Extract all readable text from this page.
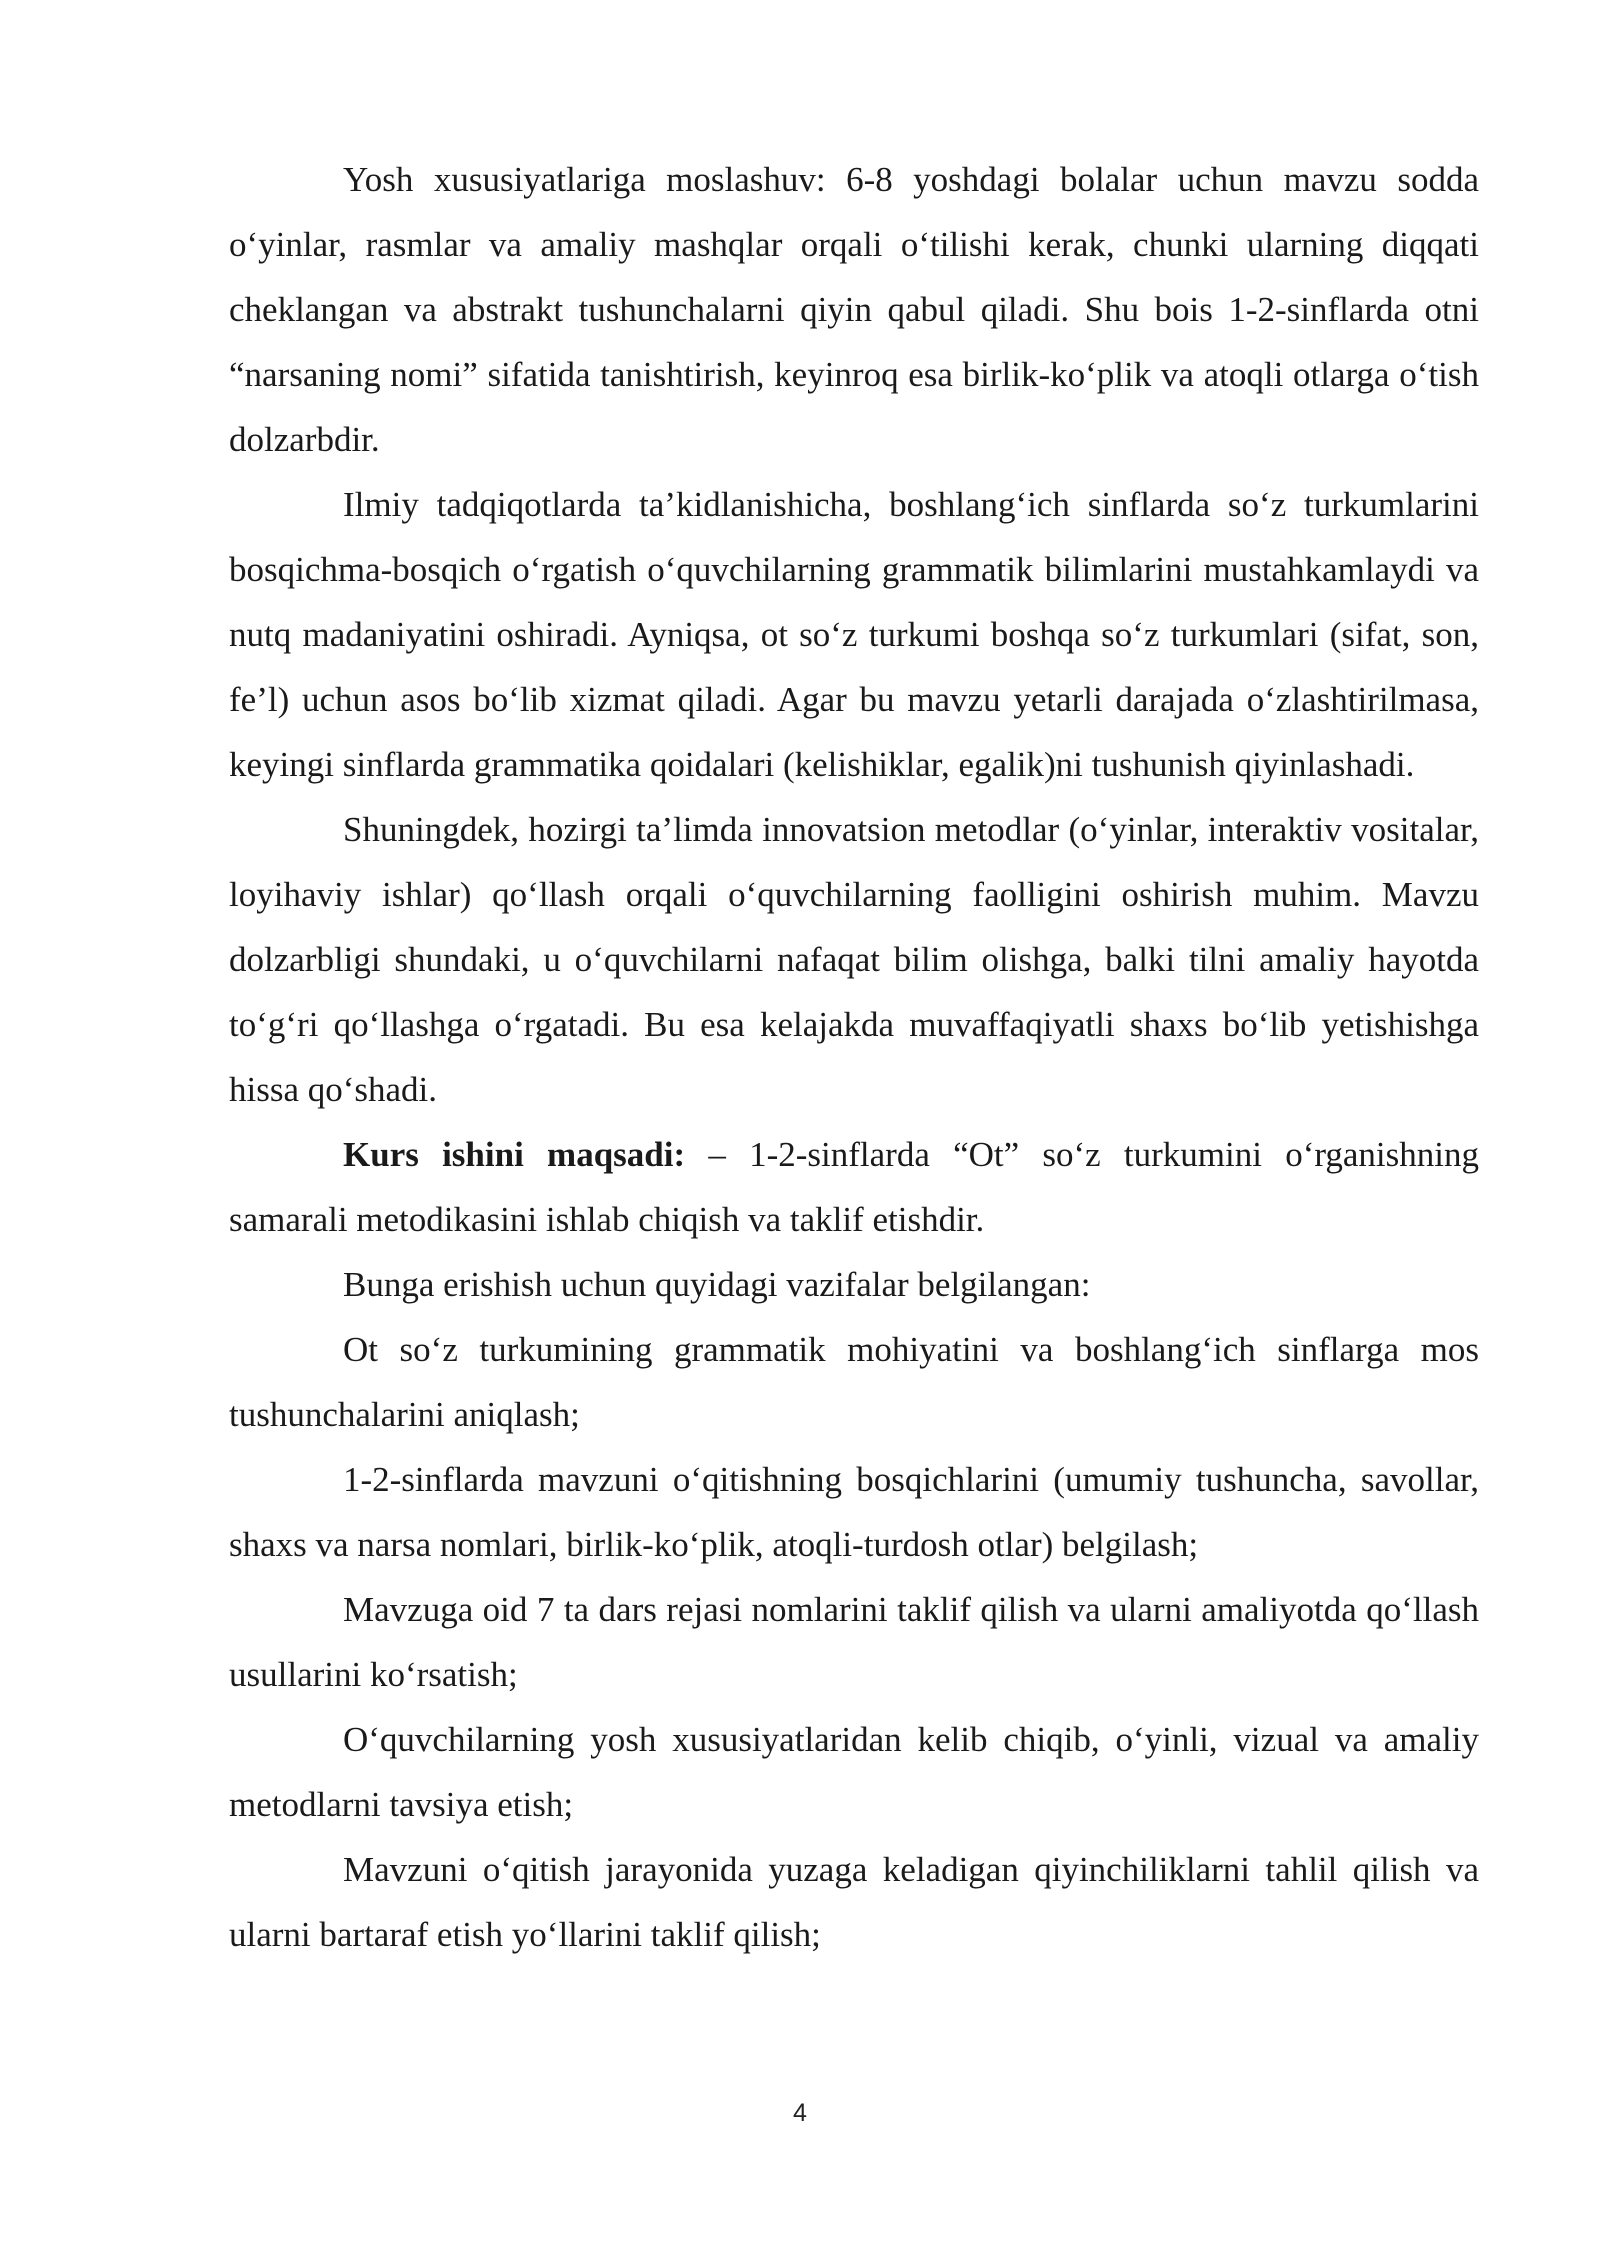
Yosh xususiyatlariga moslashuv: 6-8 yoshdagi bolalar uchun mavzu sodda o‘yinlar, rasmlar va amaliy mashqlar orqali o‘tilishi kerak, chunki ularning diqqati cheklangan va abstrakt tushunchalarni qiyin qabul qiladi. Shu bois 1-2-sinflarda otni “narsaning nomi” sifatida tanishtirish, keyinroq esa birlik-ko‘plik va atoqli otlarga o‘tish dolzarbdir.

Ilmiy tadqiqotlarda ta’kidlanishicha, boshlang‘ich sinflarda so‘z turkumlarini bosqichma-bosqich o‘rgatish o‘quvchilarning grammatik bilimlarini mustahkamlaydi va nutq madaniyatini oshiradi. Ayniqsa, ot so‘z turkumi boshqa so‘z turkumlari (sifat, son, fe’l) uchun asos bo‘lib xizmat qiladi. Agar bu mavzu yetarli darajada o‘zlashtirilmasa, keyingi sinflarda grammatika qoidalari (kelishiklar, egalik)ni tushunish qiyinlashadi.

Shuningdek, hozirgi ta’limda innovatsion metodlar (o‘yinlar, interaktiv vositalar, loyihaviy ishlar) qo‘llash orqali o‘quvchilarning faolligini oshirish muhim. Mavzu dolzarbligi shundaki, u o‘quvchilarni nafaqat bilim olishga, balki tilni amaliy hayotda to‘g‘ri qo‘llashga o‘rgatadi. Bu esa kelajakda muvaffaqiyatli shaxs bo‘lib yetishishga hissa qo‘shadi.

Kurs ishini maqsadi: – 1-2-sinflarda “Ot” so‘z turkumini o‘rganishning samarali metodikasini ishlab chiqish va taklif etishdir.

Bunga erishish uchun quyidagi vazifalar belgilangan:

Ot so‘z turkumining grammatik mohiyatini va boshlang‘ich sinflarga mos tushunchalarini aniqlash;

1-2-sinflarda mavzuni o‘qitishning bosqichlarini (umumiy tushuncha, savollar, shaxs va narsa nomlari, birlik-ko‘plik, atoqli-turdosh otlar) belgilash;

Mavzuga oid 7 ta dars rejasi nomlarini taklif qilish va ularni amaliyotda qo‘llash usullarini ko‘rsatish;

O‘quvchilarning yosh xususiyatlaridan kelib chiqib, o‘yinli, vizual va amaliy metodlarni tavsiya etish;

Mavzuni o‘qitish jarayonida yuzaga keladigan qiyinchiliklarni tahlil qilish va ularni bartaraf etish yo‘llarini taklif qilish;

4
